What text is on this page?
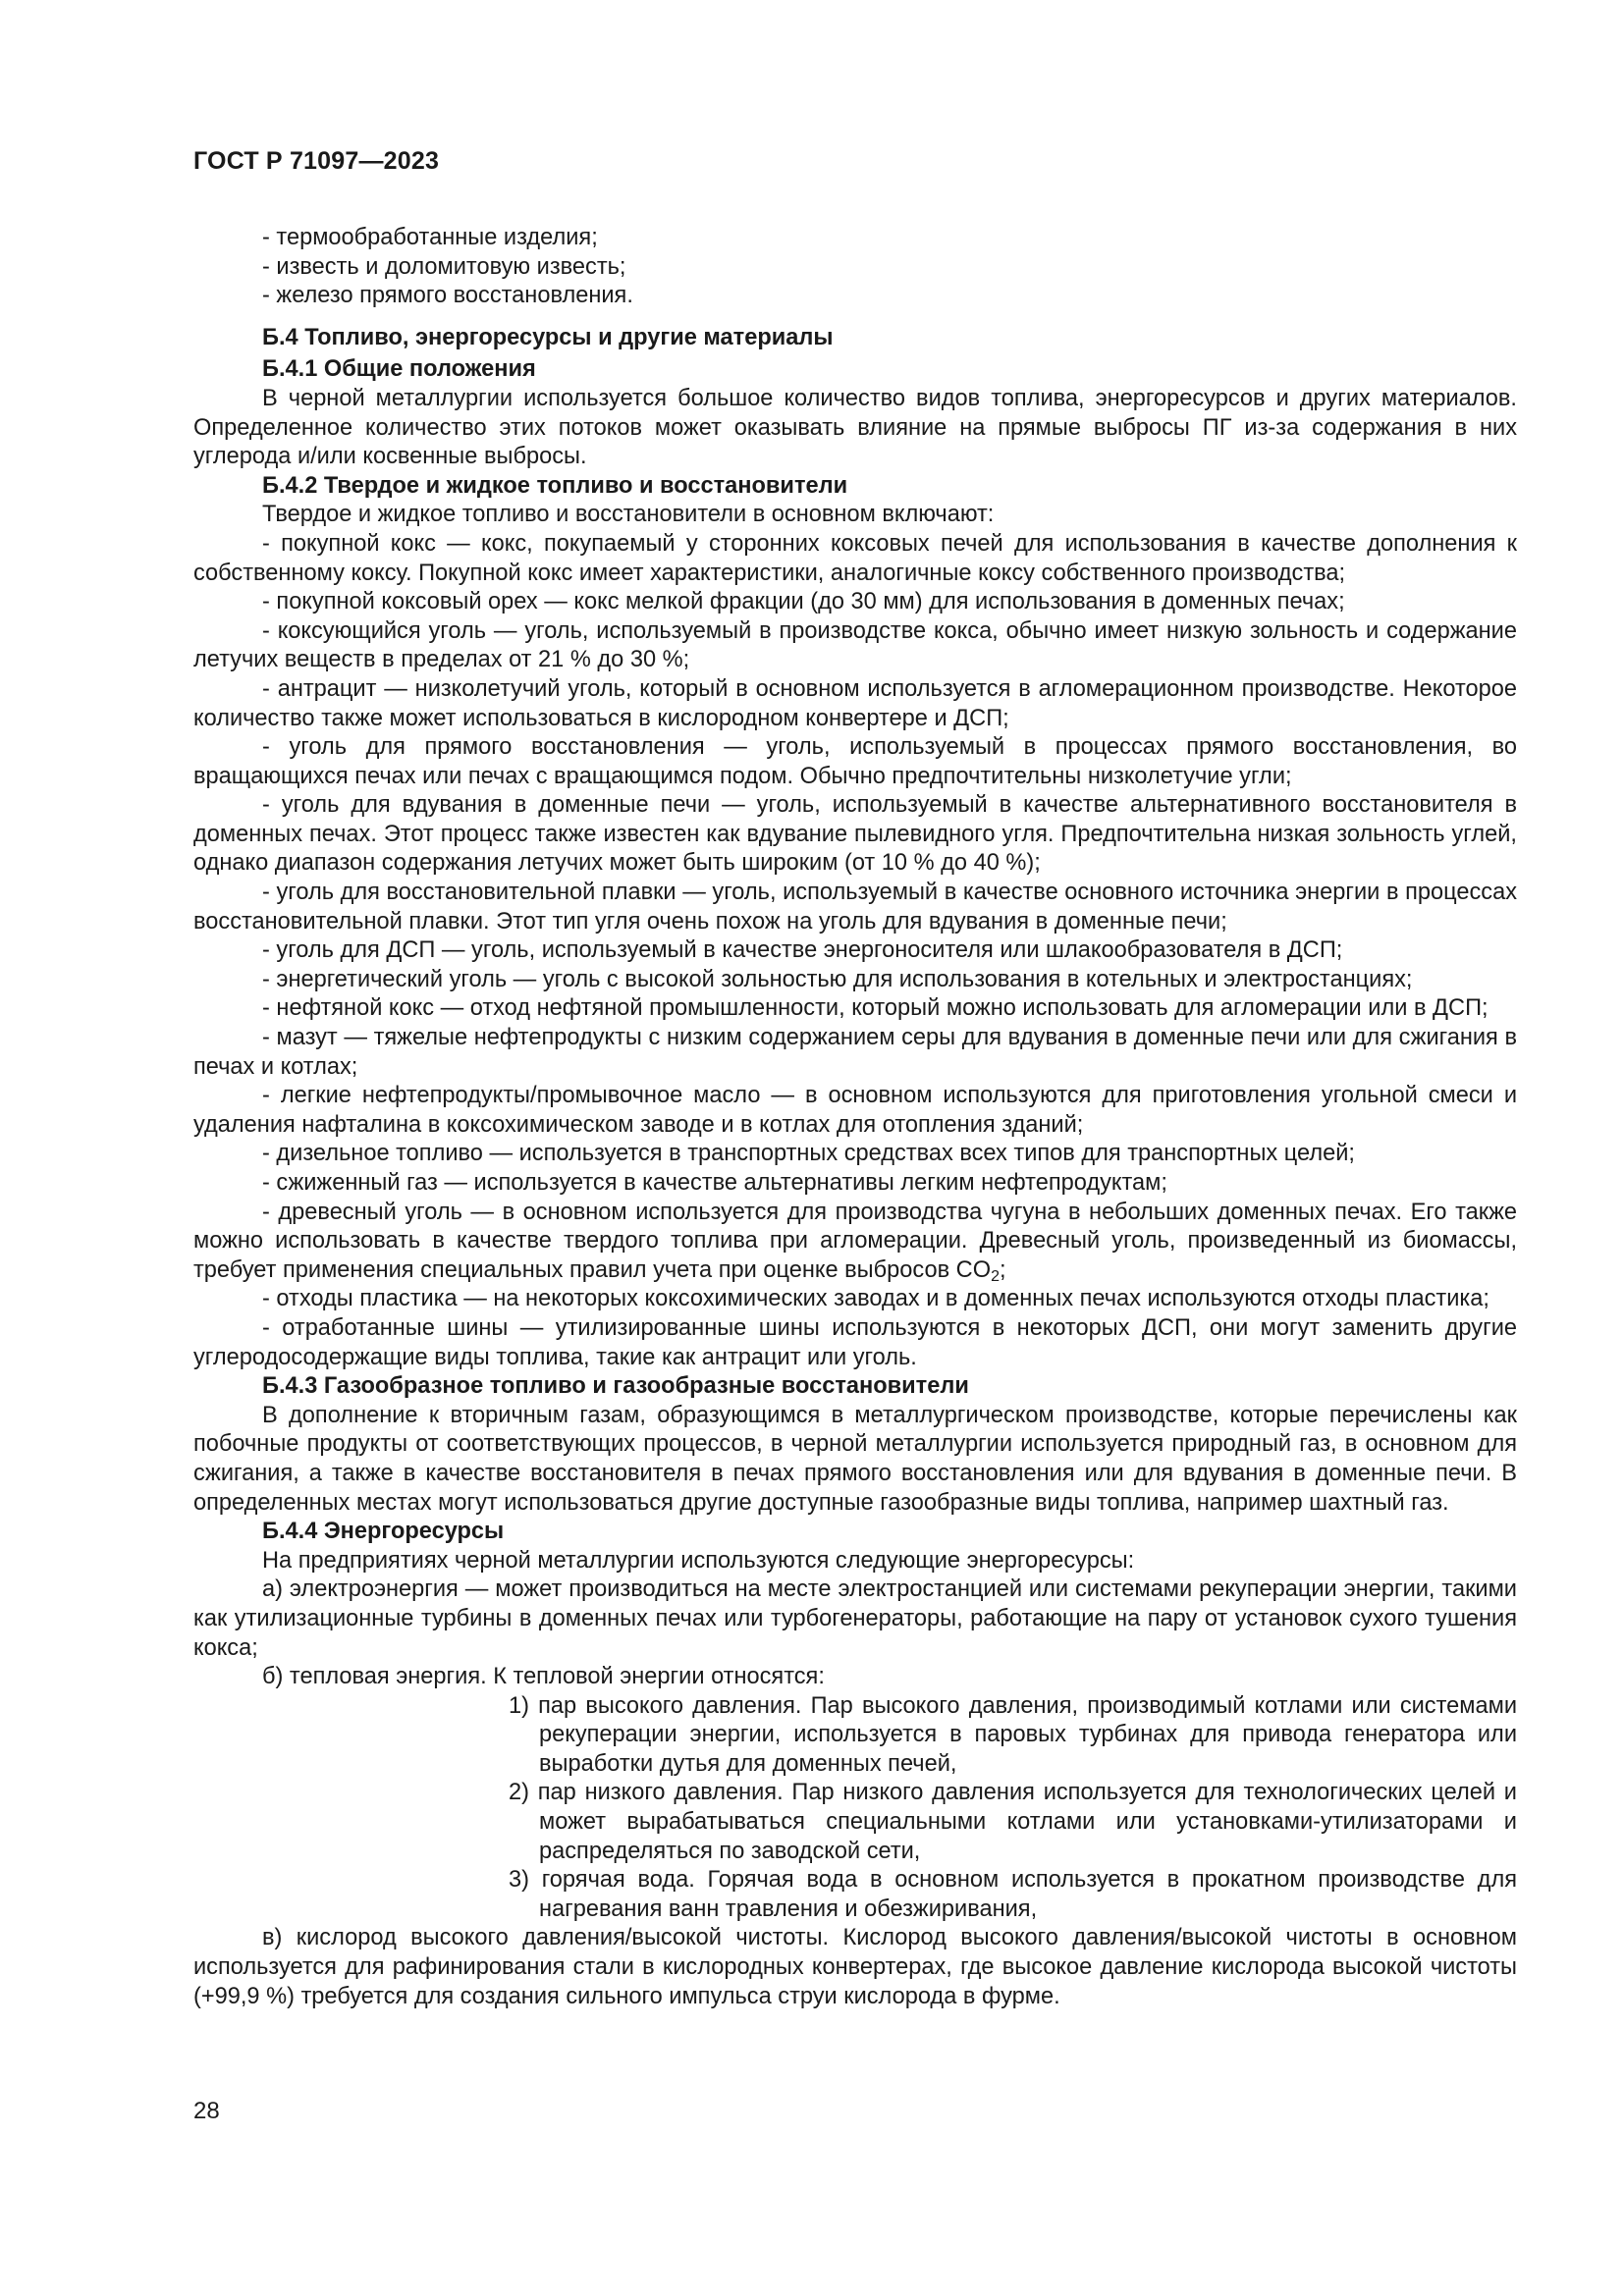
ГОСТ Р 71097—2023

- термообработанные изделия;

- известь и доломитовую известь;

- железо прямого восстановления.

Б.4 Топливо, энергоресурсы и другие материалы

Б.4.1 Общие положения

В черной металлургии используется большое количество видов топлива, энергоресурсов и других материалов. Определенное количество этих потоков может оказывать влияние на прямые выбросы ПГ из-за содержания в них углерода и/или косвенные выбросы.

Б.4.2 Твердое и жидкое топливо и восстановители

Твердое и жидкое топливо и восстановители в основном включают:

- покупной кокс — кокс, покупаемый у сторонних коксовых печей для использования в качестве дополнения к собственному коксу. Покупной кокс имеет характеристики, аналогичные коксу собственного производства;

- покупной коксовый орех — кокс мелкой фракции (до 30 мм) для использования в доменных печах;

- коксующийся уголь — уголь, используемый в производстве кокса, обычно имеет низкую зольность и содержание летучих веществ в пределах от 21 % до 30 %;

- антрацит — низколетучий уголь, который в основном используется в агломерационном производстве. Некоторое количество также может использоваться в кислородном конвертере и ДСП;

- уголь для прямого восстановления — уголь, используемый в процессах прямого восстановления, во вращающихся печах или печах с вращающимся подом. Обычно предпочтительны низколетучие угли;

- уголь для вдувания в доменные печи — уголь, используемый в качестве альтернативного восстановителя в доменных печах. Этот процесс также известен как вдувание пылевидного угля. Предпочтительна низкая зольность углей, однако диапазон содержания летучих может быть широким (от 10 % до 40 %);

- уголь для восстановительной плавки — уголь, используемый в качестве основного источника энергии в процессах восстановительной плавки. Этот тип угля очень похож на уголь для вдувания в доменные печи;

- уголь для ДСП — уголь, используемый в качестве энергоносителя или шлакообразователя в ДСП;

- энергетический уголь — уголь с высокой зольностью для использования в котельных и электростанциях;

- нефтяной кокс — отход нефтяной промышленности, который можно использовать для агломерации или в ДСП;

- мазут — тяжелые нефтепродукты с низким содержанием серы для вдувания в доменные печи или для сжигания в печах и котлах;

- легкие нефтепродукты/промывочное масло — в основном используются для приготовления угольной смеси и удаления нафталина в коксохимическом заводе и в котлах для отопления зданий;

- дизельное топливо — используется в транспортных средствах всех типов для транспортных целей;

- сжиженный газ — используется в качестве альтернативы легким нефтепродуктам;

- древесный уголь — в основном используется для производства чугуна в небольших доменных печах. Его также можно использовать в качестве твердого топлива при агломерации. Древесный уголь, произведенный из биомассы, требует применения специальных правил учета при оценке выбросов $CO_2$;

- отходы пластика — на некоторых коксохимических заводах и в доменных печах используются отходы пластика;

- отработанные шины — утилизированные шины используются в некоторых ДСП, они могут заменить другие углеродосодержащие виды топлива, такие как антрацит или уголь.

Б.4.3 Газообразное топливо и газообразные восстановители

В дополнение к вторичным газам, образующимся в металлургическом производстве, которые перечислены как побочные продукты от соответствующих процессов, в черной металлургии используется природный газ, в основном для сжигания, а также в качестве восстановителя в печах прямого восстановления или для вдувания в доменные печи. В определенных местах могут использоваться другие доступные газообразные виды топлива, например шахтный газ.

Б.4.4 Энергоресурсы

На предприятиях черной металлургии используются следующие энергоресурсы:

а) электроэнергия — может производиться на месте электростанцией или системами рекуперации энергии, такими как утилизационные турбины в доменных печах или турбогенераторы, работающие на пару от установок сухого тушения кокса;

б) тепловая энергия. К тепловой энергии относятся:

1) пар высокого давления. Пар высокого давления, производимый котлами или системами рекуперации энергии, используется в паровых турбинах для привода генератора или выработки дутья для доменных печей,

2) пар низкого давления. Пар низкого давления используется для технологических целей и может вырабатываться специальными котлами или установками-утилизаторами и распределяться по заводской сети,

3) горячая вода. Горячая вода в основном используется в прокатном производстве для нагревания ванн травления и обезжиривания,

в) кислород высокого давления/высокой чистоты. Кислород высокого давления/высокой чистоты в основном используется для рафинирования стали в кислородных конвертерах, где высокое давление кислорода высокой чистоты (+99,9 %) требуется для создания сильного импульса струи кислорода в фурме.

28
